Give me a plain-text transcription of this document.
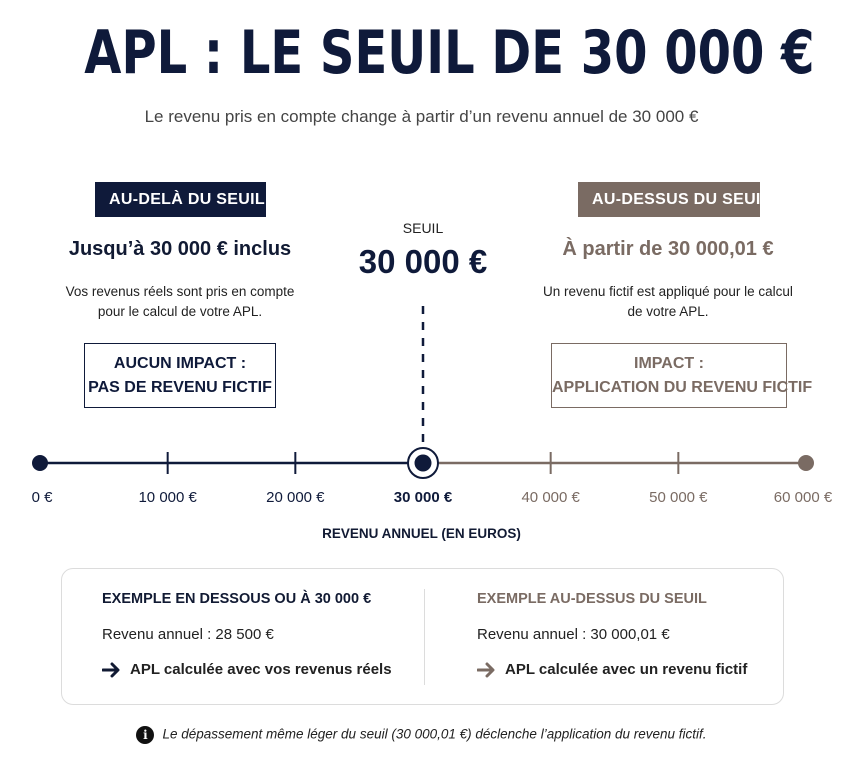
APL : LE SEUIL DE 30 000 €
Le revenu pris en compte change à partir d’un revenu annuel de 30 000 €
AU-DELÀ DU SEUIL	AU-DESSUS DU SEUIL
Jusqu’à 30 000 € inclus	À partir de 30 000,01 €
Vos revenus réels sont pris en compte
pour le calcul de votre APL.
Un revenu fictif est appliqué pour le calcul
de votre APL.
AUCUN IMPACT :
PAS DE REVENU FICTIF
IMPACT :
APPLICATION DU REVENU FICTIF
SEUIL
30 000 €
0 €	10 000 €	20 000 €	30 000 €	40 000 €	50 000 €	60 000 €
REVENU ANNUEL (EN EUROS)
EXEMPLE EN DESSOUS OU À 30 000 €
Revenu annuel : 28 500 €
APL calculée avec vos revenus réels
EXEMPLE AU-DESSUS DU SEUIL
Revenu annuel : 30 000,01 €
APL calculée avec un revenu fictif
i Le dépassement même léger du seuil (30 000,01 €) déclenche l’application du revenu fictif.
